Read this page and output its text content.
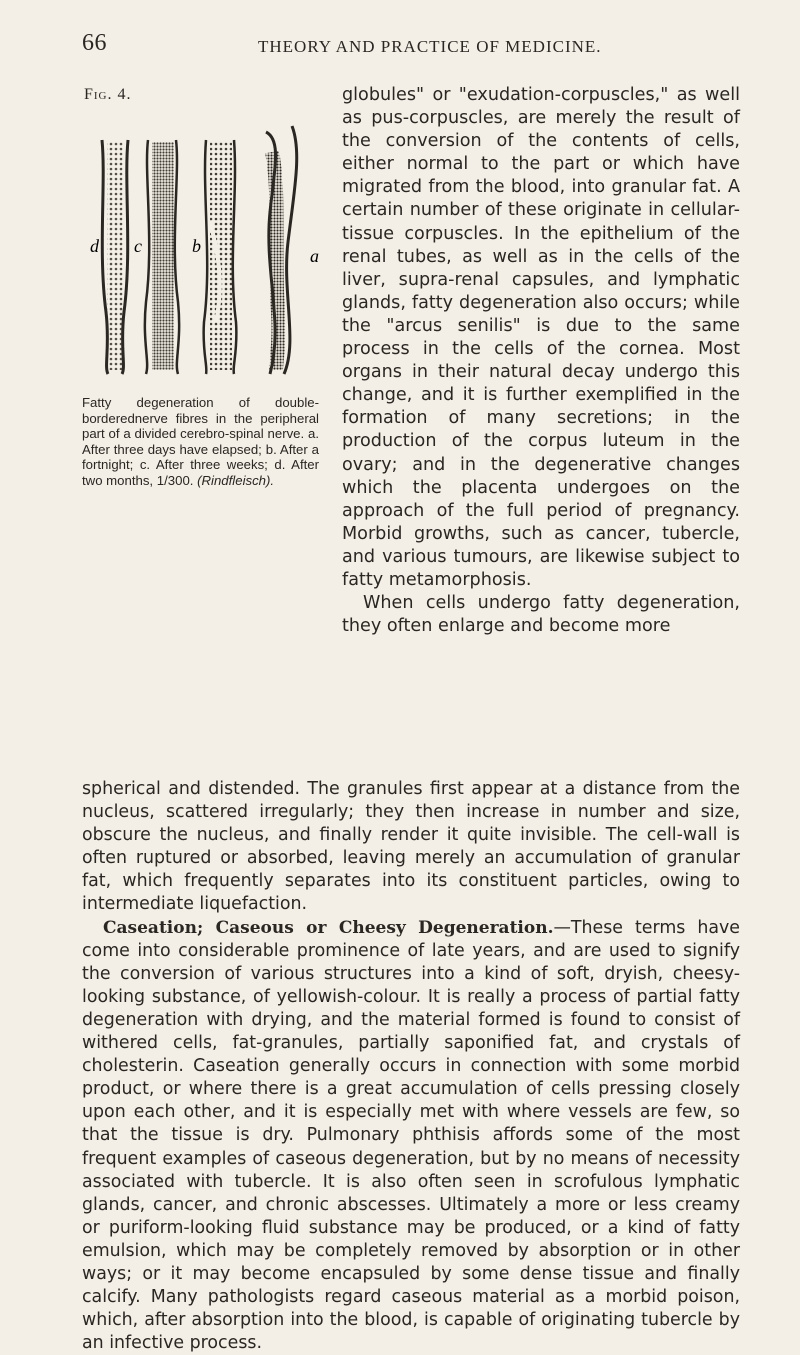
66	THEORY AND PRACTICE OF MEDICINE.
Fig. 4.
d c	b	a
Fatty degeneration of double-borderednerve fibres in the peripheral part of a divided cerebro-spinal nerve. a. After three days have elapsed; b. After a fortnight; c. After three weeks; d. After two months, 1/300. (Rindfleisch).

globules" or "exudation-corpuscles," as well as pus-corpuscles, are merely the result of the conversion of the contents of cells, either normal to the part or which have migrated from the blood, into granular fat. A certain number of these originate in cellular-tissue corpuscles. In the epithelium of the renal tubes, as well as in the cells of the liver, supra-renal capsules, and lymphatic glands, fatty degeneration also occurs; while the "arcus senilis" is due to the same process in the cells of the cornea. Most organs in their natural decay undergo this change, and it is further exemplified in the formation of many secretions; in the production of the corpus luteum in the ovary; and in the degenerative changes which the placenta undergoes on the approach of the full period of pregnancy. Morbid growths, such as cancer, tubercle, and various tumours, are likewise subject to fatty metamorphosis.

When cells undergo fatty degeneration, they often enlarge and become more

spherical and distended. The granules first appear at a distance from the nucleus, scattered irregularly; they then increase in number and size, obscure the nucleus, and finally render it quite invisible. The cell-wall is often ruptured or absorbed, leaving merely an accumulation of granular fat, which frequently separates into its constituent particles, owing to intermediate liquefaction.

Caseation; Caseous or Cheesy Degeneration.—These terms have come into considerable prominence of late years, and are used to signify the conversion of various structures into a kind of soft, dryish, cheesy-looking substance, of yellowish-colour. It is really a process of partial fatty degeneration with drying, and the material formed is found to consist of withered cells, fat-granules, partially saponified fat, and crystals of cholesterin. Caseation generally occurs in connection with some morbid product, or where there is a great accumulation of cells pressing closely upon each other, and it is especially met with where vessels are few, so that the tissue is dry. Pulmonary phthisis affords some of the most frequent examples of caseous degeneration, but by no means of necessity associated with tubercle. It is also often seen in scrofulous lymphatic glands, cancer, and chronic abscesses. Ultimately a more or less creamy or puriform-looking fluid substance may be produced, or a kind of fatty emulsion, which may be completely removed by absorption or in other ways; or it may become encapsuled by some dense tissue and finally calcify. Many pathologists regard caseous material as a morbid poison, which, after absorption into the blood, is capable of originating tubercle by an infective process.
